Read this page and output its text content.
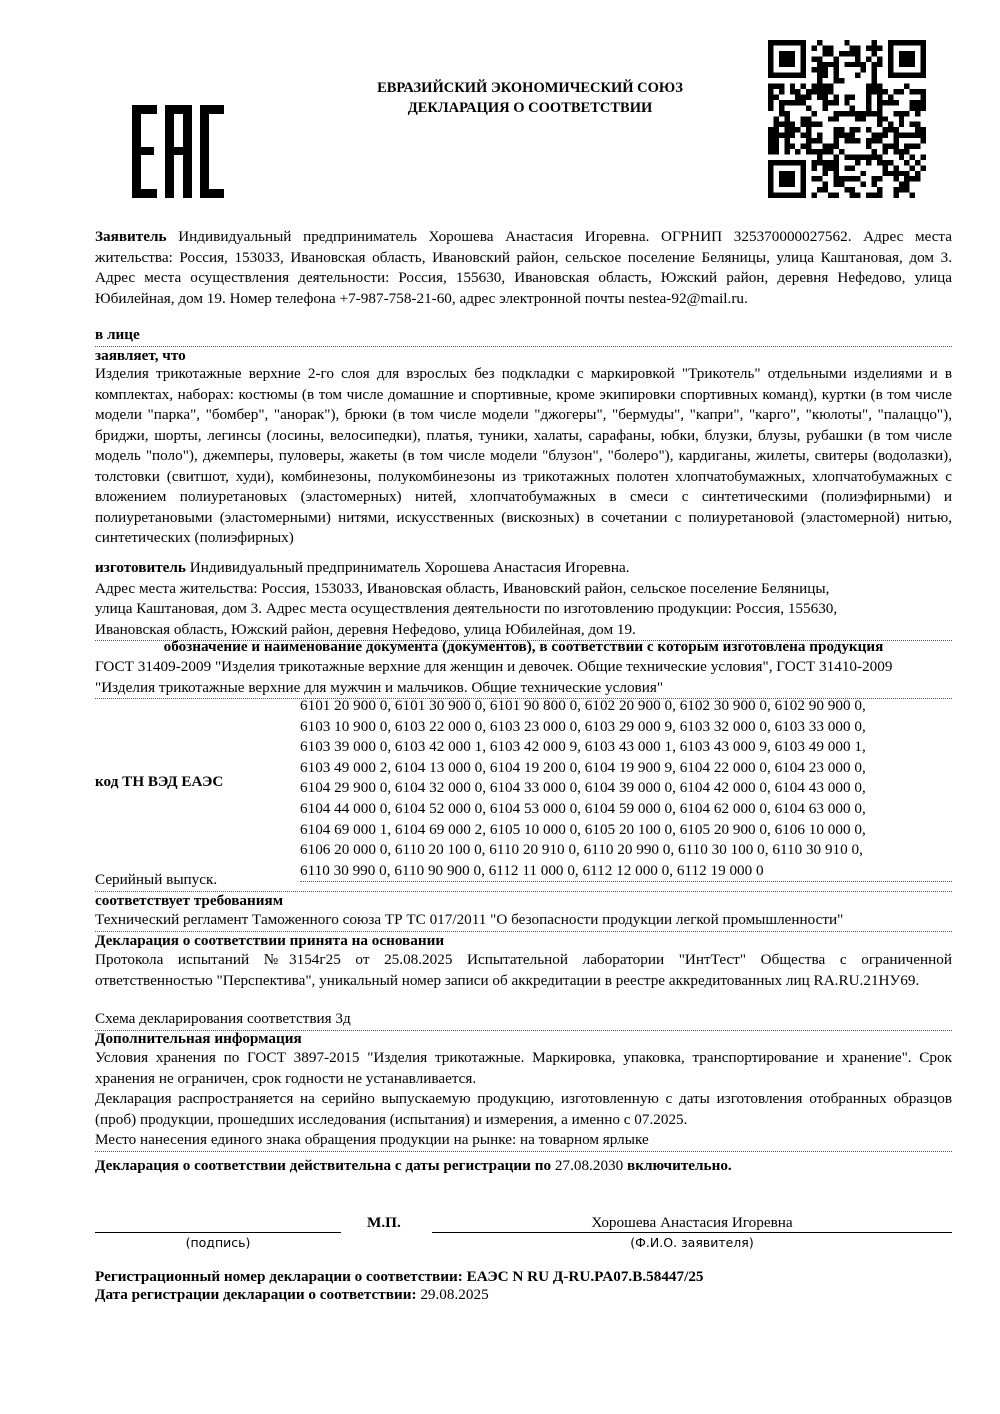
ЕВРАЗИЙСКИЙ ЭКОНОМИЧЕСКИЙ СОЮЗ
ДЕКЛАРАЦИЯ О СООТВЕТСТВИИ
Заявитель Индивидуальный предприниматель Хорошева Анастасия Игоревна. ОГРНИП 325370000027562. Адрес места жительства: Россия, 153033, Ивановская область, Ивановский район, сельское поселение Беляницы, улица Каштановая, дом 3. Адрес места осуществления деятельности: Россия, 155630, Ивановская область, Южский район, деревня Нефедово, улица Юбилейная, дом 19. Номер телефона +7-987-758-21-60, адрес электронной почты nestea-92@mail.ru.
в лице
заявляет, что
Изделия трикотажные верхние 2-го слоя для взрослых без подкладки с маркировкой "Трикотель" отдельными изделиями и в комплектах, наборах: костюмы (в том числе домашние и спортивные, кроме экипировки спортивных команд), куртки (в том числе модели "парка", "бомбер", "анорак"), брюки (в том числе модели "джогеры", "бермуды", "капри", "карго", "кюлоты", "палаццо"), бриджи, шорты, легинсы (лосины, велосипедки), платья, туники, халаты, сарафаны, юбки, блузки, блузы, рубашки (в том числе модель "поло"), джемперы, пуловеры, жакеты (в том числе модели "блузон", "болеро"), кардиганы, жилеты, свитеры (водолазки), толстовки (свитшот, худи), комбинезоны, полукомбинезоны из трикотажных полотен хлопчатобумажных, хлопчатобумажных с вложением полиуретановых (эластомерных) нитей, хлопчатобумажных в смеси с синтетическими (полиэфирными) и полиуретановыми (эластомерными) нитями, искусственных (вискозных) в сочетании с полиуретановой (эластомерной) нитью, синтетических (полиэфирных)
изготовитель Индивидуальный предприниматель Хорошева Анастасия Игоревна.
Адрес места жительства: Россия, 153033, Ивановская область, Ивановский район, сельское поселение Беляницы,
улица Каштановая, дом 3. Адрес места осуществления деятельности по изготовлению продукции: Россия, 155630,
Ивановская область, Южский район, деревня Нефедово, улица Юбилейная, дом 19.
обозначение и наименование документа (документов), в соответствии с которым изготовлена продукция
ГОСТ 31409-2009 "Изделия трикотажные верхние для женщин и девочек. Общие технические условия", ГОСТ 31410-2009 "Изделия трикотажные верхние для мужчин и мальчиков. Общие технические условия"
код ТН ВЭД ЕАЭС
6101 20 900 0, 6101 30 900 0, 6101 90 800 0, 6102 20 900 0, 6102 30 900 0, 6102 90 900 0,
6103 10 900 0, 6103 22 000 0, 6103 23 000 0, 6103 29 000 9, 6103 32 000 0, 6103 33 000 0,
6103 39 000 0, 6103 42 000 1, 6103 42 000 9, 6103 43 000 1, 6103 43 000 9, 6103 49 000 1,
6103 49 000 2, 6104 13 000 0, 6104 19 200 0, 6104 19 900 9, 6104 22 000 0, 6104 23 000 0,
6104 29 900 0, 6104 32 000 0, 6104 33 000 0, 6104 39 000 0, 6104 42 000 0, 6104 43 000 0,
6104 44 000 0, 6104 52 000 0, 6104 53 000 0, 6104 59 000 0, 6104 62 000 0, 6104 63 000 0,
6104 69 000 1, 6104 69 000 2, 6105 10 000 0, 6105 20 100 0, 6105 20 900 0, 6106 10 000 0,
6106 20 000 0, 6110 20 100 0, 6110 20 910 0, 6110 20 990 0, 6110 30 100 0, 6110 30 910 0,
6110 30 990 0, 6110 90 900 0, 6112 11 000 0, 6112 12 000 0, 6112 19 000 0
Серийный выпуск.
соответствует требованиям
Технический регламент Таможенного союза ТР ТС 017/2011 "О безопасности продукции легкой промышленности"
Декларация о соответствии принята на основании
Протокола испытаний №3154г25 от 25.08.2025 Испытательной лаборатории "ИнтТест" Общества с ограниченной ответственностью "Перспектива", уникальный номер записи об аккредитации в реестре аккредитованных лиц RA.RU.21НУ69.
Схема декларирования соответствия 3д
Дополнительная информация
Условия хранения по ГОСТ 3897-2015 "Изделия трикотажные. Маркировка, упаковка, транспортирование и хранение". Срок хранения не ограничен, срок годности не устанавливается.
Декларация распространяется на серийно выпускаемую продукцию, изготовленную с даты изготовления отобранных образцов (проб) продукции, прошедших исследования (испытания) и измерения, а именно с 07.2025.
Место нанесения единого знака обращения продукции на рынке: на товарном ярлыке
Декларация о соответствии действительна с даты регистрации по 27.08.2030 включительно.
М.П.	Хорошева Анастасия Игоревна
(подпись)	(Ф.И.О. заявителя)
Регистрационный номер декларации о соответствии: ЕАЭС N RU Д-RU.PA07.B.58447/25
Дата регистрации декларации о соответствии: 29.08.2025
